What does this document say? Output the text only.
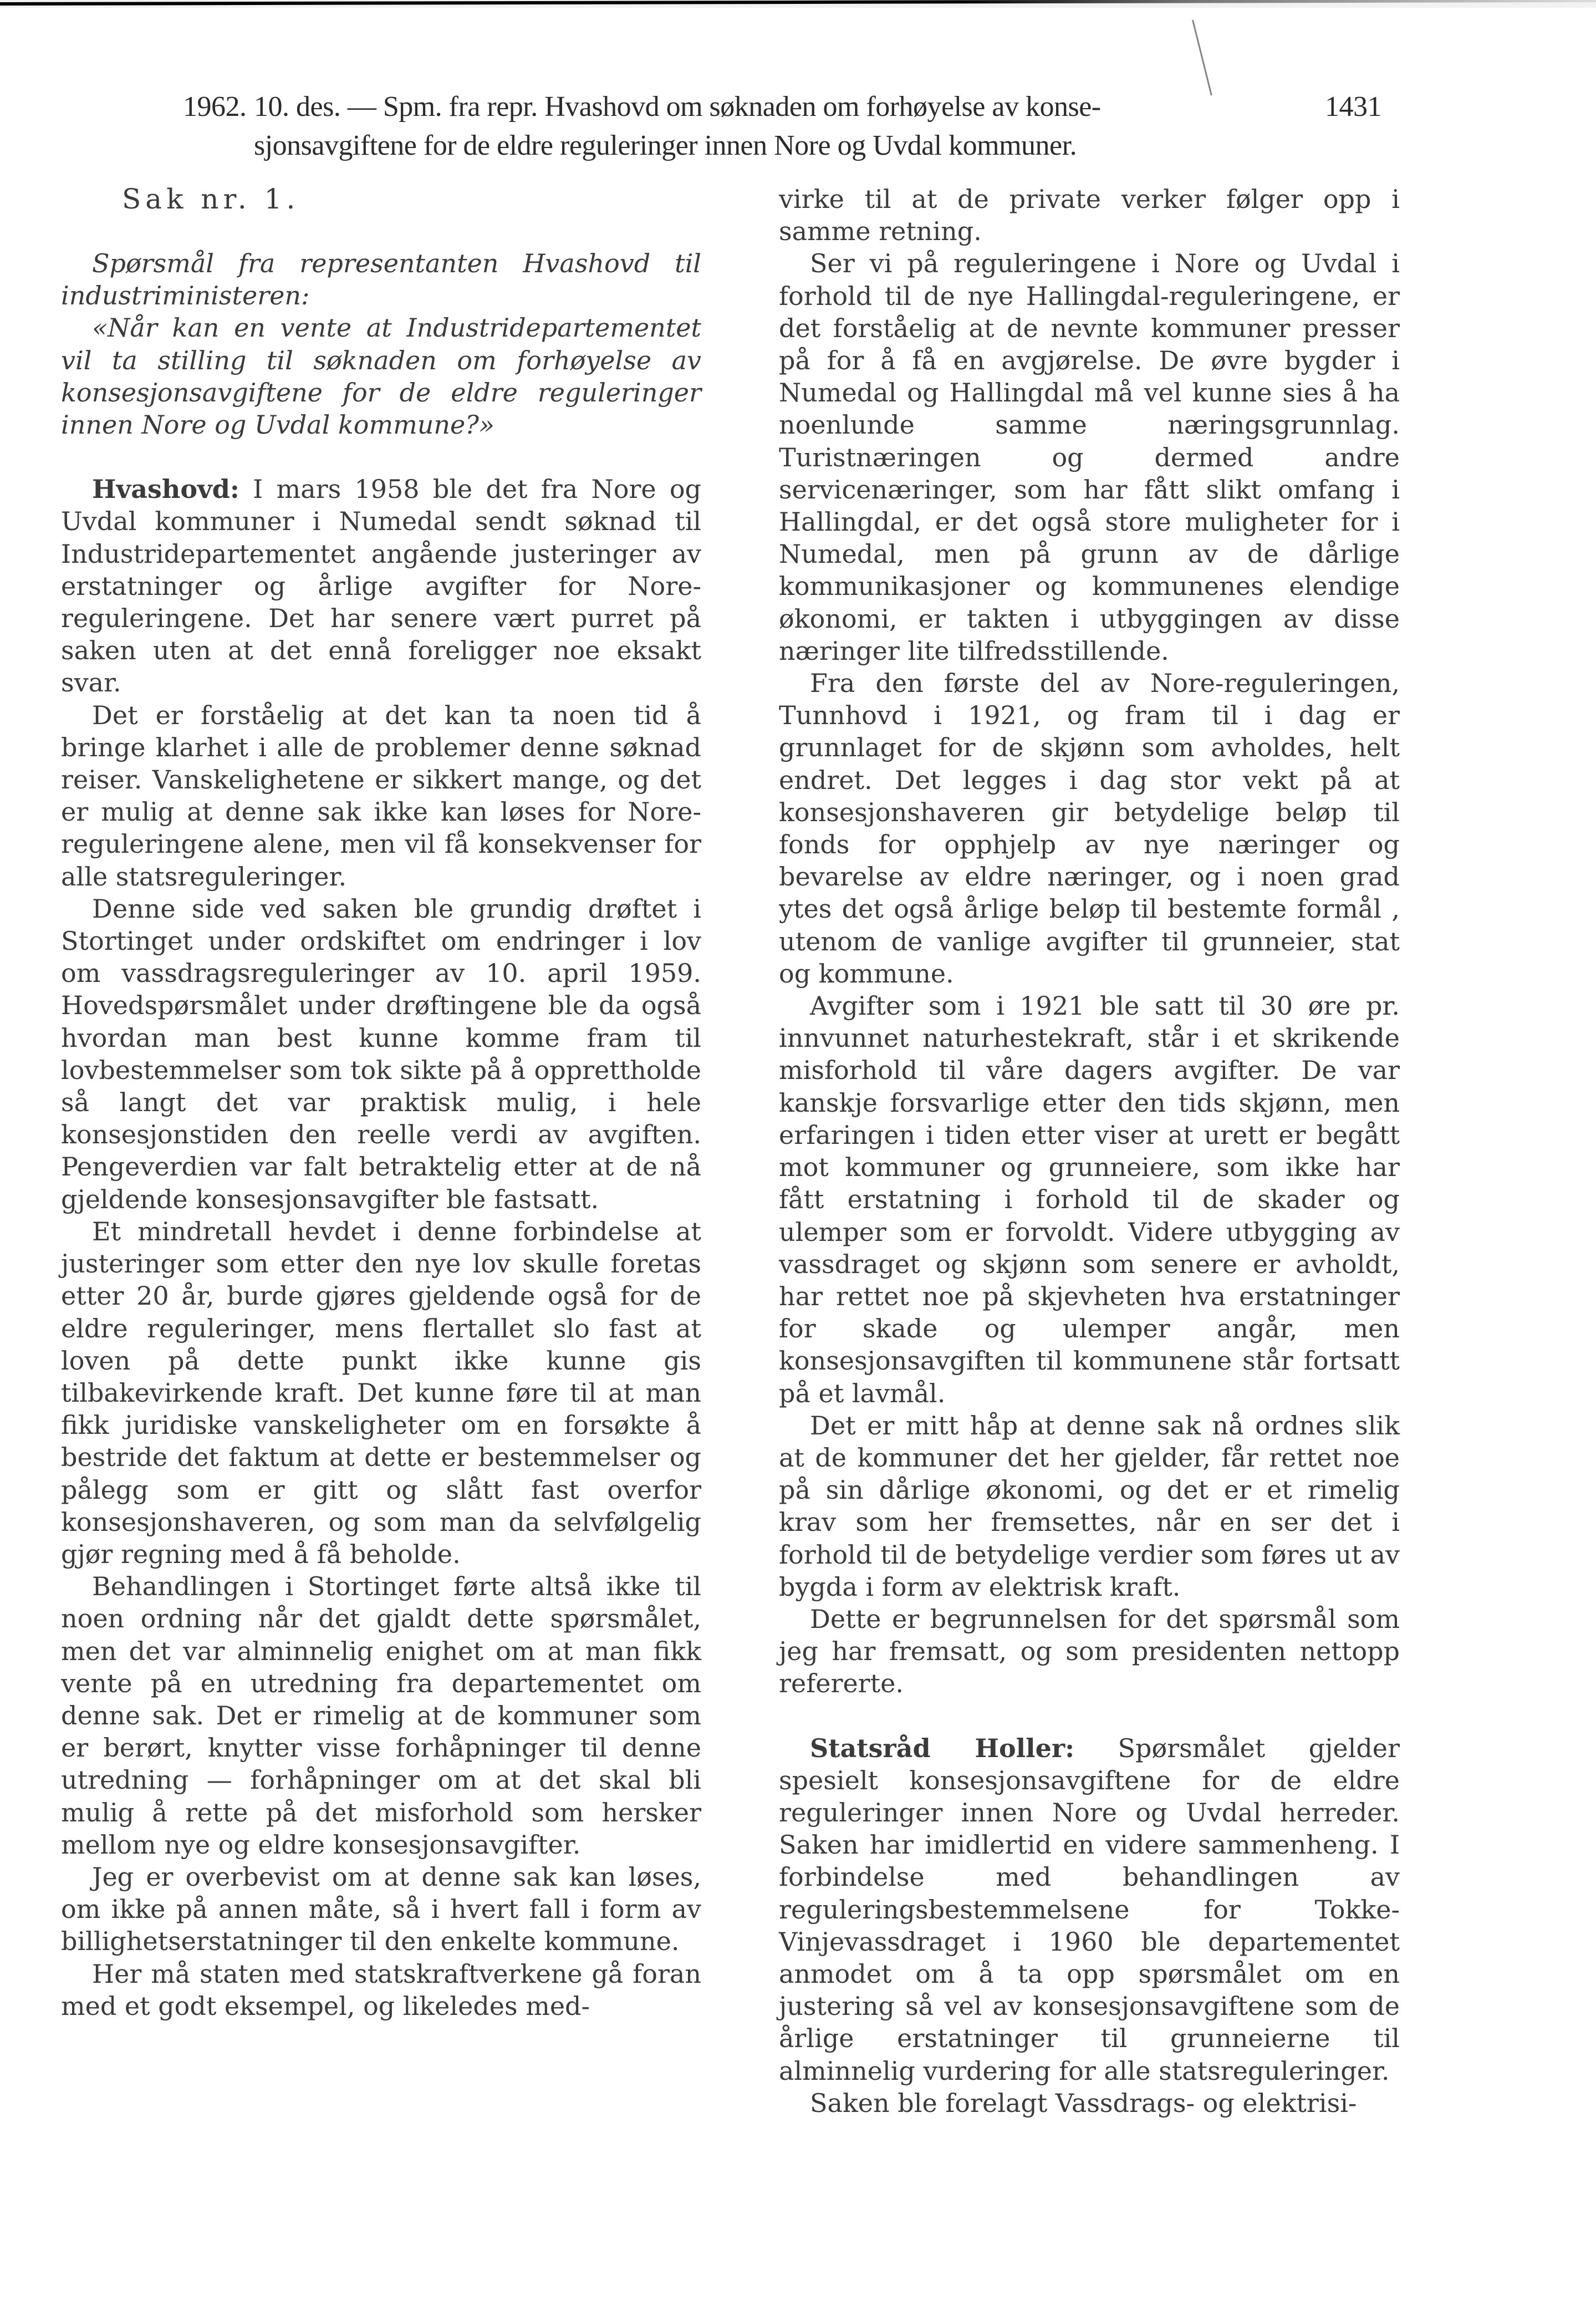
1962. 10. des. — Spm. fra repr. Hvashovd om søknaden om forhøyelse av konse-
sjonsavgiftene for de eldre reguleringer innen Nore og Uvdal kommuner.
1431

Sak nr. 1.

Spørsmål fra representanten Hvashovd til industriministeren:

«Når kan en vente at Industridepartementet vil ta stilling til søknaden om forhøyelse av konsesjonsavgiftene for de eldre reguleringer innen Nore og Uvdal kommune?»

Hvashovd: I mars 1958 ble det fra Nore og Uvdal kommuner i Numedal sendt søknad til Industridepartementet angående justeringer av erstatninger og årlige avgifter for Nore-reguleringene. Det har senere vært purret på saken uten at det ennå foreligger noe eksakt svar.

Det er forståelig at det kan ta noen tid å bringe klarhet i alle de problemer denne søknad reiser. Vanskelighetene er sikkert mange, og det er mulig at denne sak ikke kan løses for Nore-reguleringene alene, men vil få konsekvenser for alle statsreguleringer.

Denne side ved saken ble grundig drøftet i Stortinget under ordskiftet om endringer i lov om vassdragsreguleringer av 10. april 1959. Hovedspørsmålet under drøftingene ble da også hvordan man best kunne komme fram til lovbestemmelser som tok sikte på å opprettholde så langt det var praktisk mulig, i hele konsesjonstiden den reelle verdi av avgiften. Pengeverdien var falt betraktelig etter at de nå gjeldende konsesjonsavgifter ble fastsatt.

Et mindretall hevdet i denne forbindelse at justeringer som etter den nye lov skulle foretas etter 20 år, burde gjøres gjeldende også for de eldre reguleringer, mens flertallet slo fast at loven på dette punkt ikke kunne gis tilbakevirkende kraft. Det kunne føre til at man fikk juridiske vanskeligheter om en forsøkte å bestride det faktum at dette er bestemmelser og pålegg som er gitt og slått fast overfor konsesjonshaveren, og som man da selvfølgelig gjør regning med å få beholde.

Behandlingen i Stortinget førte altså ikke til noen ordning når det gjaldt dette spørsmålet, men det var alminnelig enighet om at man fikk vente på en utredning fra departementet om denne sak. Det er rimelig at de kommuner som er berørt, knytter visse forhåpninger til denne utredning — forhåpninger om at det skal bli mulig å rette på det misforhold som hersker mellom nye og eldre konsesjonsavgifter.

Jeg er overbevist om at denne sak kan løses, om ikke på annen måte, så i hvert fall i form av billighetserstatninger til den enkelte kommune.

Her må staten med statskraftverkene gå foran med et godt eksempel, og likeledes med-

virke til at de private verker følger opp i samme retning.

Ser vi på reguleringene i Nore og Uvdal i forhold til de nye Hallingdal-reguleringene, er det forståelig at de nevnte kommuner presser på for å få en avgjørelse. De øvre bygder i Numedal og Hallingdal må vel kunne sies å ha noenlunde samme næringsgrunnlag. Turistnæringen og dermed andre servicenæringer, som har fått slikt omfang i Hallingdal, er det også store muligheter for i Numedal, men på grunn av de dårlige kommunikasjoner og kommunenes elendige økonomi, er takten i utbyggingen av disse næringer lite tilfredsstillende.

Fra den første del av Nore-reguleringen, Tunnhovd i 1921, og fram til i dag er grunnlaget for de skjønn som avholdes, helt endret. Det legges i dag stor vekt på at konsesjonshaveren gir betydelige beløp til fonds for opphjelp av nye næringer og bevarelse av eldre næringer, og i noen grad ytes det også årlige beløp til bestemte formål , utenom de vanlige avgifter til grunneier, stat og kommune.

Avgifter som i 1921 ble satt til 30 øre pr. innvunnet naturhestekraft, står i et skrikende misforhold til våre dagers avgifter. De var kanskje forsvarlige etter den tids skjønn, men erfaringen i tiden etter viser at urett er begått mot kommuner og grunneiere, som ikke har fått erstatning i forhold til de skader og ulemper som er forvoldt. Videre utbygging av vassdraget og skjønn som senere er avholdt, har rettet noe på skjevheten hva erstatninger for skade og ulemper angår, men konsesjonsavgiften til kommunene står fortsatt på et lavmål.

Det er mitt håp at denne sak nå ordnes slik at de kommuner det her gjelder, får rettet noe på sin dårlige økonomi, og det er et rimelig krav som her fremsettes, når en ser det i forhold til de betydelige verdier som føres ut av bygda i form av elektrisk kraft.

Dette er begrunnelsen for det spørsmål som jeg har fremsatt, og som presidenten nettopp refererte.

Statsråd Holler: Spørsmålet gjelder spesielt konsesjonsavgiftene for de eldre reguleringer innen Nore og Uvdal herreder. Saken har imidlertid en videre sammenheng. I forbindelse med behandlingen av reguleringsbestemmelsene for Tokke-Vinjevassdraget i 1960 ble departementet anmodet om å ta opp spørsmålet om en justering så vel av konsesjonsavgiftene som de årlige erstatninger til grunneierne til alminnelig vurdering for alle statsreguleringer.

Saken ble forelagt Vassdrags- og elektrisi-
